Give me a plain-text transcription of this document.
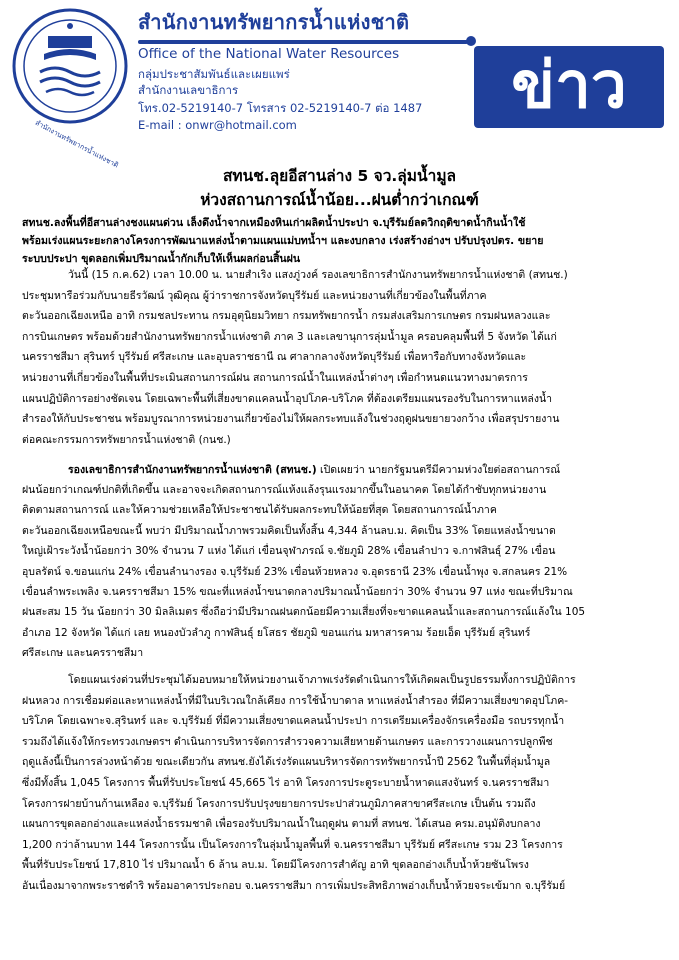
สำนักงานทรัพยากรน้ำแห่งชาติ
สำนักงานทรัพยากรน้ำแห่งชาติ
Office of the National Water Resources
กลุ่มประชาสัมพันธ์และเผยแพร่
สำนักงานเลขาธิการ
โทร.02-5219140-7 โทรสาร 02-5219140-7 ต่อ 1487
E-mail : onwr@hotmail.com
ข่าว
สทนช.ลุยอีสานล่าง 5 จว.ลุ่มน้ำมูล
ห่วงสถานการณ์น้ำน้อย...ฝนต่ำกว่าเกณฑ์
สทนช.ลงพื้นที่อีสานล่างชงแผนด่วน เล็งดึงน้ำจากเหมืองหินเก่าผลิตน้ำประปา จ.บุรีรัมย์ลดวิกฤติขาดน้ำกินน้ำใช้
พร้อมเร่งแผนระยะกลางโครงการพัฒนาแหล่งน้ำตามแผนแม่บทน้ำฯ และงบกลาง เร่งสร้างอ่างฯ ปรับปรุงปตร. ขยาย
ระบบประปา ขุดลอกเพิ่มปริมาณน้ำกักเก็บให้เห็นผลก่อนสิ้นฝน
วันนี้ (15 ก.ค.62) เวลา 10.00 น. นายสำเริง แสงภู่วงค์ รองเลขาธิการสำนักงานทรัพยากรน้ำแห่งชาติ (สทนช.)
ประชุมหารือร่วมกับนายธีรวัฒน์ วุฒิคุณ ผู้ว่าราชการจังหวัดบุรีรัมย์ และหน่วยงานที่เกี่ยวข้องในพื้นที่ภาค
ตะวันออกเฉียงเหนือ อาทิ กรมชลประทาน กรมอุตุนิยมวิทยา กรมทรัพยากรน้ำ กรมส่งเสริมการเกษตร กรมฝนหลวงและ
การบินเกษตร พร้อมด้วยสำนักงานทรัพยากรน้ำแห่งชาติ ภาค 3 และเลขานุการลุ่มน้ำมูล ครอบคลุมพื้นที่ 5 จังหวัด ได้แก่
นครราชสีมา สุรินทร์ บุรีรัมย์ ศรีสะเกษ และอุบลราชธานี ณ ศาลากลางจังหวัดบุรีรัมย์ เพื่อหารือกับทางจังหวัดและ
หน่วยงานที่เกี่ยวข้องในพื้นที่ประเมินสถานการณ์ฝน สถานการณ์น้ำในแหล่งน้ำต่างๆ เพื่อกำหนดแนวทางมาตรการ
แผนปฏิบัติการอย่างชัดเจน โดยเฉพาะพื้นที่เสี่ยงขาดแคลนน้ำอุปโภค-บริโภค ที่ต้องเตรียมแผนรองรับในการหาแหล่งน้ำ
สำรองให้กับประชาชน พร้อมบูรณาการหน่วยงานเกี่ยวข้องไม่ให้ผลกระทบแล้งในช่วงฤดูฝนขยายวงกว้าง เพื่อสรุปรายงาน
ต่อคณะกรรมการทรัพยากรน้ำแห่งชาติ (กนช.)
รองเลขาธิการสำนักงานทรัพยากรน้ำแห่งชาติ (สทนช.) เปิดเผยว่า นายกรัฐมนตรีมีความห่วงใยต่อสถานการณ์
ฝนน้อยกว่าเกณฑ์ปกติที่เกิดขึ้น และอาจจะเกิดสถานการณ์แห้งแล้งรุนแรงมากขึ้นในอนาคต โดยได้กำชับทุกหน่วยงาน
ติดตามสถานการณ์ และให้ความช่วยเหลือให้ประชาชนได้รับผลกระทบให้น้อยที่สุด โดยสถานการณ์น้ำภาค
ตะวันออกเฉียงเหนือขณะนี้ พบว่า มีปริมาณน้ำภาพรวมคิดเป็นทั้งสิ้น 4,344 ล้านลบ.ม. คิดเป็น 33% โดยแหล่งน้ำขนาด
ใหญ่เฝ้าระวังน้ำน้อยกว่า 30% จำนวน 7 แห่ง ได้แก่ เขื่อนจุฬาภรณ์ จ.ชัยภูมิ 28% เขื่อนลำปาว จ.กาฬสินธุ์ 27% เขื่อน
อุบลรัตน์ จ.ขอนแก่น 24% เขื่อนลำนางรอง จ.บุรีรัมย์ 23% เขื่อนห้วยหลวง จ.อุดรธานี 23% เขื่อนน้ำพุง จ.สกลนคร 21%
เขื่อนลำพระเพลิง จ.นครราชสีมา 15% ขณะที่แหล่งน้ำขนาดกลางปริมาณน้ำน้อยกว่า 30% จำนวน 97 แห่ง ขณะที่ปริมาณ
ฝนสะสม 15 วัน น้อยกว่า 30 มิลลิเมตร ซึ่งถือว่ามีปริมาณฝนตกน้อยมีความเสี่ยงที่จะขาดแคลนน้ำและสถานการณ์แล้งใน 105
อำเภอ 12 จังหวัด ได้แก่ เลย หนองบัวลำภู กาฬสินธุ์ ยโสธร ชัยภูมิ ขอนแก่น มหาสารคาม ร้อยเอ็ด บุรีรัมย์ สุรินทร์
ศรีสะเกษ และนครราชสีมา
โดยแผนเร่งด่วนที่ประชุมได้มอบหมายให้หน่วยงานเจ้าภาพเร่งรัดดำเนินการให้เกิดผลเป็นรูปธรรมทั้งการปฏิบัติการ
ฝนหลวง การเชื่อมต่อและหาแหล่งน้ำที่มีในบริเวณใกล้เคียง การใช้น้ำบาดาล หาแหล่งน้ำสำรอง ที่มีความเสี่ยงขาดอุปโภค-
บริโภค โดยเฉพาะจ.สุรินทร์ และ จ.บุรีรัมย์ ที่มีความเสี่ยงขาดแคลนน้ำประปา การเตรียมเครื่องจักรเครื่องมือ รถบรรทุกน้ำ
รวมถึงได้แจ้งให้กระทรวงเกษตรฯ ดำเนินการบริหารจัดการสำรวจความเสียหายด้านเกษตร และการวางแผนการปลูกพืช
ฤดูแล้งนี้เป็นการล่วงหน้าด้วย ขณะเดียวกัน สทนช.ยังได้เร่งรัดแผนบริหารจัดการทรัพยากรน้ำปี 2562 ในพื้นที่ลุ่มน้ำมูล
ซึ่งมีทั้งสิ้น 1,045 โครงการ พื้นที่รับประโยชน์ 45,665 ไร่ อาทิ โครงการประตูระบายน้ำหาดแสงจันทร์ จ.นครราชสีมา
โครงการฝายบ้านก้านเหลือง จ.บุรีรัมย์ โครงการปรับปรุงขยายการประปาส่วนภูมิภาคสาขาศรีสะเกษ เป็นต้น รวมถึง
แผนการขุดลอกอ่างและแหล่งน้ำธรรมชาติ เพื่อรองรับปริมาณน้ำในฤดูฝน ตามที่ สทนช. ได้เสนอ ครม.อนุมัติงบกลาง
1,200 กว่าล้านบาท 144 โครงการนั้น เป็นโครงการในลุ่มน้ำมูลพื้นที่ จ.นครราชสีมา บุรีรัมย์ ศรีสะเกษ รวม 23 โครงการ
พื้นที่รับประโยชน์ 17,810 ไร่ ปริมาณน้ำ 6 ล้าน ลบ.ม. โดยมีโครงการสำคัญ อาทิ ขุดลอกอ่างเก็บน้ำห้วยซันโพรง
อันเนื่องมาจากพระราชดำริ พร้อมอาคารประกอบ จ.นครราชสีมา การเพิ่มประสิทธิภาพอ่างเก็บน้ำห้วยจระเข้มาก จ.บุรีรัมย์
